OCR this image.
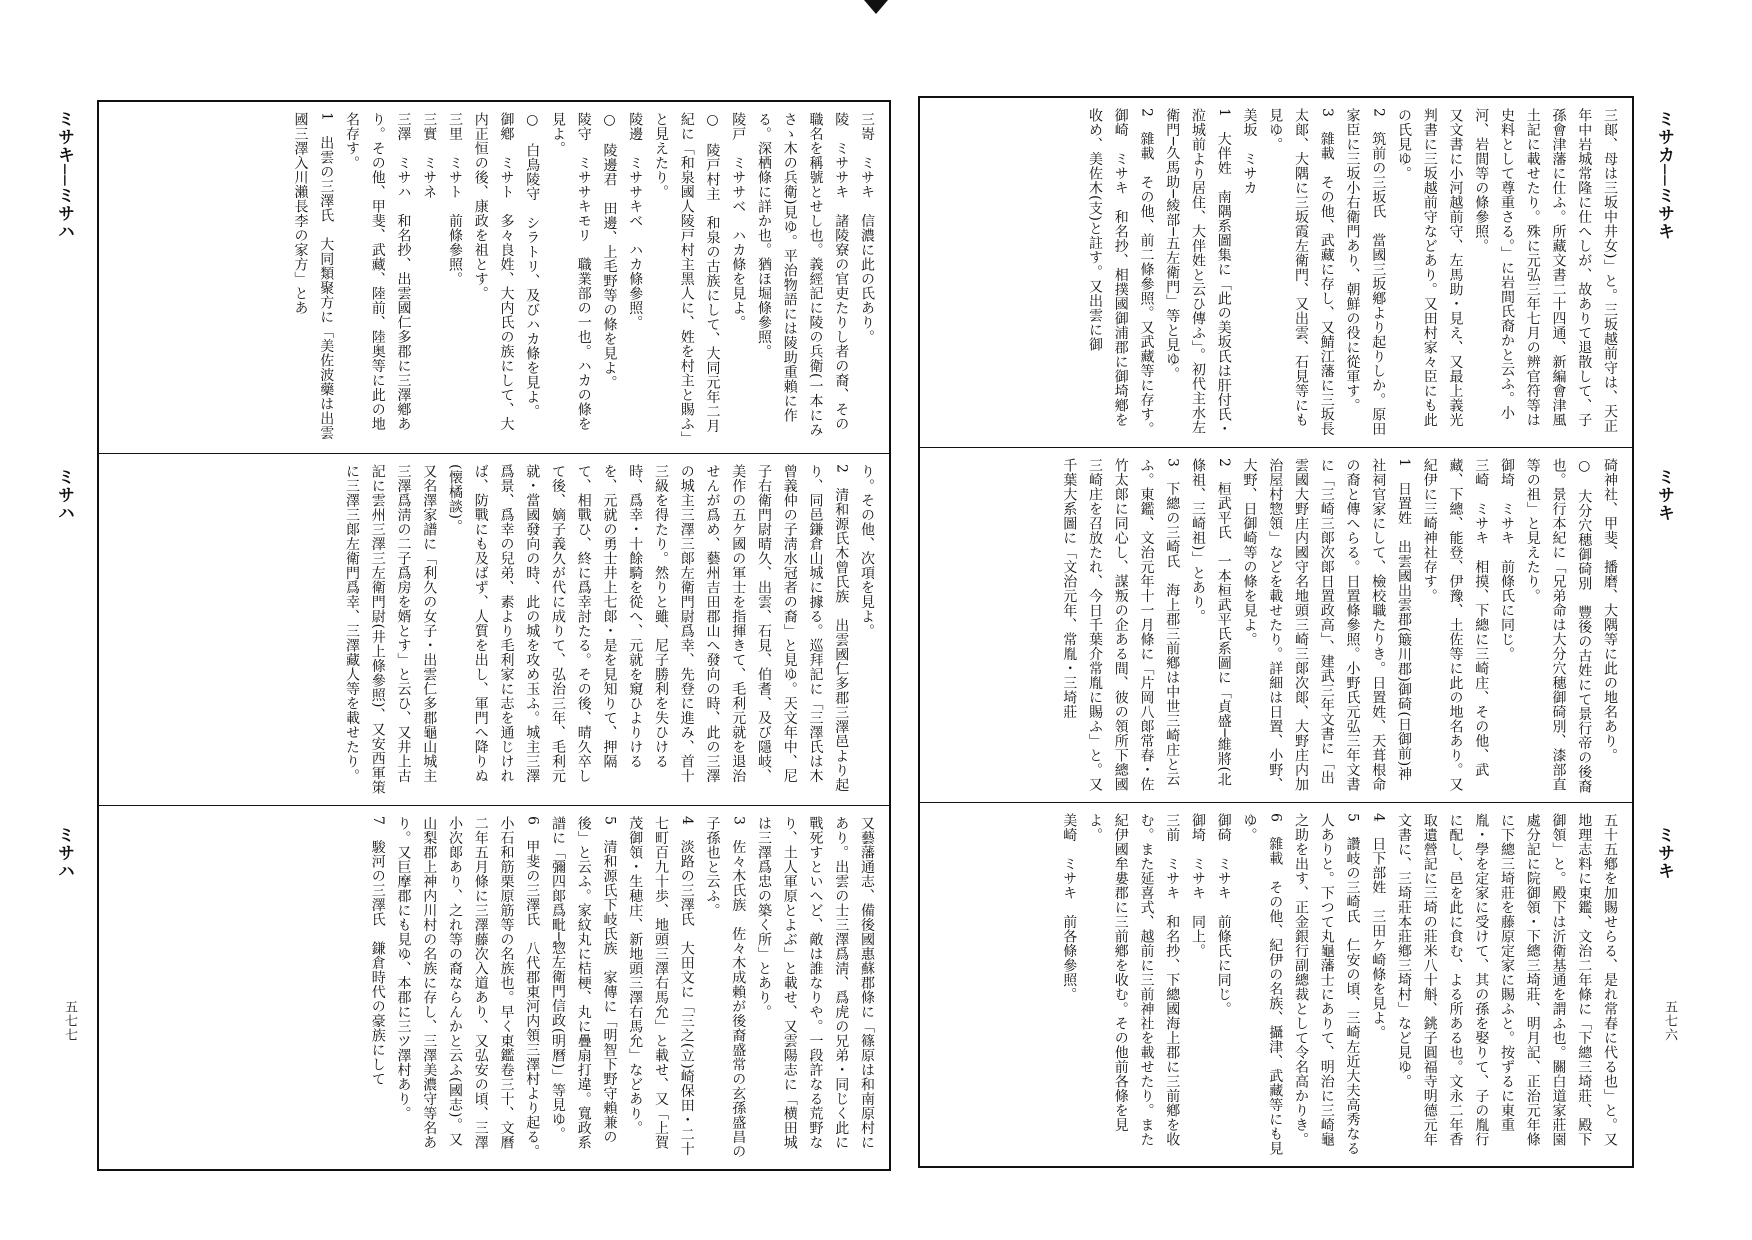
ミサキ──ミサハ
ミサハ
ミサハ
五七七
三㟢　ミサキ　信濃に此の氏あり。
陵　ミササキ　諸陵寮の官吏たりし者の裔、その職名を稱號とせし也。義經記に陵の兵衛(一本にみさゝ木の兵衛)見ゆ。平治物語には陵助重賴に作る。深栖條に詳か也。猶ほ堀條參照。
陵戸　ミササベ　ハカ條を見よ。
○　陵戸村主　和泉の古族にして、大同元年二月紀に「和泉國人陵戸村主黑人に、姓を村主と賜ふ」と見えたり。
陵邊　ミササキベ　ハカ條參照。
○　陵邊君　田邊、上毛野等の條を見よ。
陵守　ミササキモリ　職業部の一也。ハカの條を見よ。
○　白鳥陵守　シラトリ、及びハカ條を見よ。
御鄕　ミサト　多々良姓、大内氏の族にして、大内正恒の後、康政を祖とす。
三里　ミサト　前條參照。
三實　ミサネ
三澤　ミサハ　和名抄、出雲國仁多郡に三澤鄕あり。その他、甲斐、武藏、陸前、陸奥等に此の地名存す。
1　出雲の三澤氏　大同類聚方に「美佐波藥は出雲國三澤入川瀨長李の家方」とあ
り。その他、次項を見よ。
2　清和源氏木曾氏族　出雲國仁多郡三澤邑より起り、同邑鎌倉山城に據る。巡拜記に「三澤氏は木曾義仲の子淸水冠者の裔」と見ゆ。天文年中、尼子右衛門尉晴久、出雲、石見、伯耆、及び隱岐、美作の五ケ國の軍士を指揮きて、毛利元就を退治せんが爲め、藝州吉田郡山へ發向の時、此の三澤の城主三澤三郞左衛門尉爲幸、先登に進み、首十三級を得たり。然りと雖、尼子勝利を失ひける時、爲幸・十餘騎を從へ、元就を窺ひよりけるを、元就の勇士井上七郞・是を見知りて、押隔て、相戰ひ、終に爲幸討たる。その後、晴久卒して後、嫡子義久が代に成りて、弘治三年、毛利元就・當國發向の時、此の城を攻め玉ふ。城主三澤爲景、爲幸の兒弟、素より毛利家に志を通じければ、防戰にも及ばず、人質を出し、軍門へ降りぬ(懐橘談)。
又名澤家譜に「利久の女子・出雲仁多郡龜山城主三澤爲淸の二子爲房を婿とす」と云ひ、又井上古記に雲州三澤三左衛門尉(井上條參照)、又安西軍策に三澤三郞左衛門爲幸、三澤藏人等を載せたり。
又藝藩通志、備後國惠蘇郡條に「篠原は和南原村にあり。出雲の士三澤爲淸、爲虎の兄弟・同じく此に戰死すといへど、敵は誰なりや。一段許なる荒野なり、土人軍原とよぶ」と載せ、又雲陽志に「横田城は三澤爲忠の築く所」とあり。
3　佐々木氏族　佐々木成賴が後裔盛常の玄孫盛昌の子孫也と云ふ。
4　淡路の三澤氏　大田文に「三之(立)崎保田・二十七町百九十歩、地頭三澤右馬允」と載せ、又「上賀茂御領・生穂庄、新地頭三澤右馬允」などあり。
5　清和源氏下岐氏族　家傳に「明智下野守賴兼の後」と云ふ。家紋丸に桔梗、丸に疊扇打違。寬政系譜に「彌四郞爲毗─惣左衛門信政(明曆)」等見ゆ。
6　甲斐の三澤氏　八代郡東河内領三澤村より起る。小石和筋栗原筋等の名族也。早く東鑑卷三十、文曆二年五月條に三澤藤次入道あり、又弘安の頃、三澤小次郞あり、之れ等の裔ならんかと云ふ(國志)。又山梨郡上神内川村の名族に存し、三澤美濃守等名あり。又巨摩郡にも見ゆ、本郡に三ツ澤村あり。
7　駿河の三澤氏　鎌倉時代の豪族にして
三郞、母は三坂中井女)」と。三坂越前守は、天正年中岩城常隆に仕へしが、故ありて退散して、子孫會津藩に仕ふ。所藏文書二十四通、新編會津風土記に載せたり。殊に元弘三年七月の辨官符等は史料として尊重さる。」に岩間氏裔かと云ふ。小河、岩間等の條參照。
又文書に小河越前守、左馬助・見え、又最上義光判書に三坂越前守などあり。又田村家々臣にも此の氏見ゆ。
2　筑前の三坂氏　當國三坂鄕より起りしか。原田家臣に三坂小右衛門あり、朝鮮の役に從軍す。
3　雜載　その他、武藏に存し、又鯖江藩に三坂長太郞、大隅に三坂霞左衛門、又出雲、石見等にも見ゆ。
美坂　ミサカ
1　大伴姓　南隅系圖集に「此の美坂氏は肝付氏・涖城前より居住、大伴姓と云ひ傳ふ」。初代主水左衛門─久馬助─綾部─五左衛門」等と見ゆ。
2　雜載　その他、前二條參照。又武藏等に存す。
御崎　ミサキ　和名抄、相撲國御浦郡に御埼鄕を收め、美佐木(支)と註す。又出雲に御
碕神社、甲斐、播磨、大隅等に此の地名あり。
○　大分穴穗御碕別　豐後の古姓にて景行帝の後裔也。景行本紀に「兄弟命は大分穴穗御碕別、漆部直等の祖」と見えたり。
御埼　ミサキ　前條氏に同じ。
三崎　ミサキ　相摸、下總に三崎庄、その他、武藏、下總、能登、伊豫、土佐等に此の地名あり。又紀伊に三崎神社存す。
1　日置姓　出雲國出雲郡(簸川郡)御碕(日御前)神社祠官家にして、檢校職たりき。日置姓、天葺根命の裔と傳へらる。日置條參照。小野氏元弘三年文書に「三崎三郞次郞日置政高」、建武三年文書に「出雲國大野庄内國守名地頭三崎三郞次郞、大野庄内加治屋村惣領」などを載せたり。詳細は日置、小野、大野、日御崎等の條を見よ。
2　桓武平氏　一本桓武平氏系圖に「貞盛─維將(北條祖、三崎祖)」とあり。
3　下總の三崎氏　海上郡三前鄕は中世三崎庄と云ふ。東鑑、文治元年十一月條に「片岡八郞常春・佐竹太郞に同心し、謀叛の企ある間、彼の領所下總國三崎庄を召放たれ、今日千葉介常胤に賜ふ」と。又千葉大系圖に「文治元年、常胤・三埼莊
五十五鄕を加賜せらる、是れ常春に代る也」と。又地理志料に東鑑、文治二年條に「下總三埼莊、殿下御領」と。殿下は沂衛基通を謂ふ也。關白道家莊園處分記に院御領・下總三埼莊、明月記、正治元年條に下總三埼莊を藤原定家に賜ふと。按ずるに東重胤・學を定家に受けて、其の孫を娶りて、子の胤行に配し、邑を此に食む、よる所ある也。文永二年香取遺營記に三埼の莊米八十斛、銚子圓福寺明德元年文書に、三埼莊本莊鄕三埼村」など見ゆ。
4　日下部姓　三田ケ崎條を見よ。
5　讚岐の三崎氏　仁安の頃、三崎左近大夫高秀なる人ありと。下つて丸龜藩士にありて、明治に三崎龜之助を出す、正金銀行副總裁として令名高かりき。
6　雜載　その他、紀伊の名族、攝津、武藏等にも見ゆ。
御碕　ミサキ　前條氏に同じ。
御埼　ミサキ　同上。
三前　ミサキ　和名抄、下總國海上郡に三前鄕を收む。また延喜式、越前に三前神社を載せたり。また紀伊國牟婁郡に三前鄕を收む。その他前各條を見よ。
美崎　ミサキ　前各條參照。
ミサカ──ミサキ
ミサキ
ミサキ
五七六
